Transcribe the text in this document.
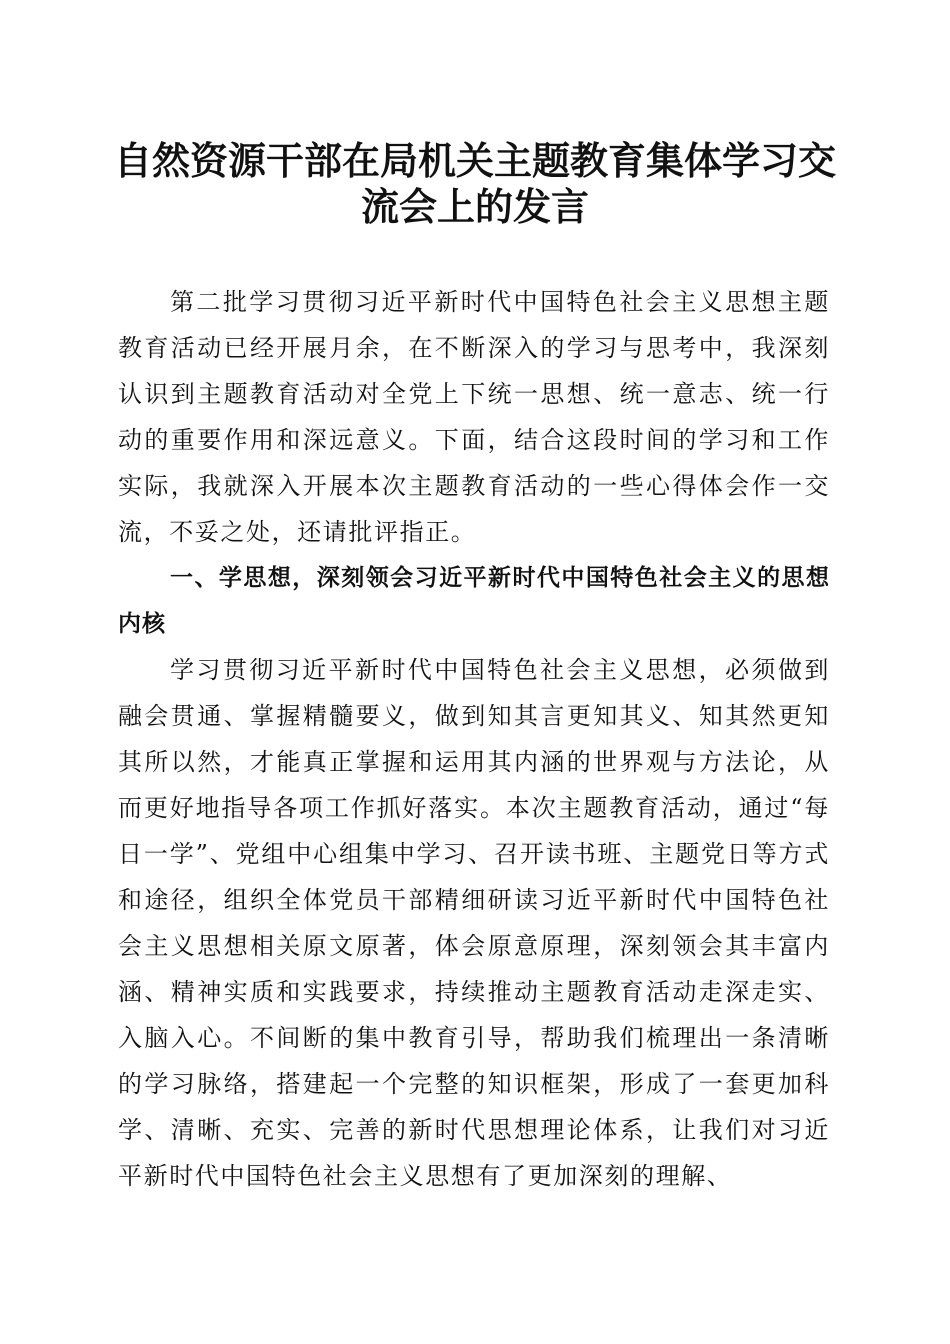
自然资源干部在局机关主题教育集体学习交流会上的发言

第二批学习贯彻习近平新时代中国特色社会主义思想主题教育活动已经开展月余，在不断深入的学习与思考中，我深刻认识到主题教育活动对全党上下统一思想、统一意志、统一行动的重要作用和深远意义。下面，结合这段时间的学习和工作实际，我就深入开展本次主题教育活动的一些心得体会作一交流，不妥之处，还请批评指正。

一、学思想，深刻领会习近平新时代中国特色社会主义的思想内核

学习贯彻习近平新时代中国特色社会主义思想，必须做到融会贯通、掌握精髓要义，做到知其言更知其义、知其然更知其所以然，才能真正掌握和运用其内涵的世界观与方法论，从而更好地指导各项工作抓好落实。本次主题教育活动，通过“每日一学”、党组中心组集中学习、召开读书班、主题党日等方式和途径，组织全体党员干部精细研读习近平新时代中国特色社会主义思想相关原文原著，体会原意原理，深刻领会其丰富内涵、精神实质和实践要求，持续推动主题教育活动走深走实、入脑入心。不间断的集中教育引导，帮助我们梳理出一条清晰的学习脉络，搭建起一个完整的知识框架，形成了一套更加科学、清晰、充实、完善的新时代思想理论体系，让我们对习近平新时代中国特色社会主义思想有了更加深刻的理解、
